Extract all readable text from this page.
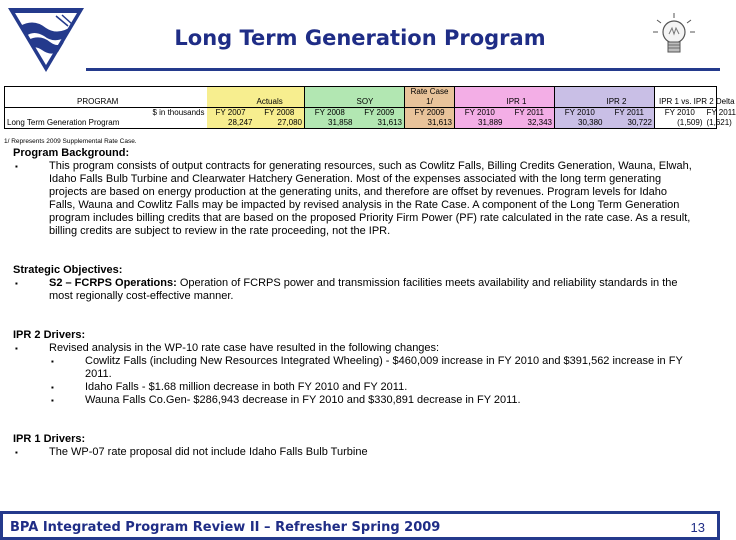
Long Term Generation Program
					Rate Case						
PROGRAM		Actuals		SOY	1/		IPR 1		IPR 2	IPR 1 vs. IPR 2 Delta	
$ in thousands	FY 2007	FY 2008	FY 2008	FY 2009	FY 2009	FY 2010	FY 2011	FY 2010	FY 2011	FY 2010	FY 2011
Long Term Generation Program	28,247	27,080	31,858	31,613	31,613	31,889	32,343	30,380	30,722	(1,509)	(1,621)
1/ Represents 2009 Supplemental Rate Case.
Program Background:
▪	This program consists of output contracts for generating resources, such as Cowlitz Falls, Billing Credits Generation, Wauna, Elwah, Idaho Falls Bulb Turbine and Clearwater Hatchery Generation. Most of the expenses associated with the long term generating projects are based on energy production at the generating units, and therefore are offset by revenues. Program levels for Idaho Falls, Wauna and Cowlitz Falls may be impacted by revised analysis in the Rate Case. A component of the Long Term Generation program includes billing credits that are based on the proposed Priority Firm Power (PF) rate calculated in the rate case. As a result, billing credits are subject to review in the rate proceeding, not the IPR.
Strategic Objectives:
▪	S2 – FCRPS Operations: Operation of FCRPS power and transmission facilities meets availability and reliability standards in the most regionally cost-effective manner.
IPR 2 Drivers:
▪	Revised analysis in the WP-10 rate case have resulted in the following changes:
▪	Cowlitz Falls (including New Resources Integrated Wheeling) - $460,009 increase in FY 2010 and $391,562 increase in FY 2011.
▪	Idaho Falls - $1.68 million decrease in both FY 2010 and FY 2011.
▪	Wauna Falls Co.Gen- $286,943 decrease in FY 2010 and $330,891 decrease in FY 2011.
IPR 1 Drivers:
▪	The WP-07 rate proposal did not include Idaho Falls Bulb Turbine
BPA Integrated Program Review II – Refresher Spring 2009	13
